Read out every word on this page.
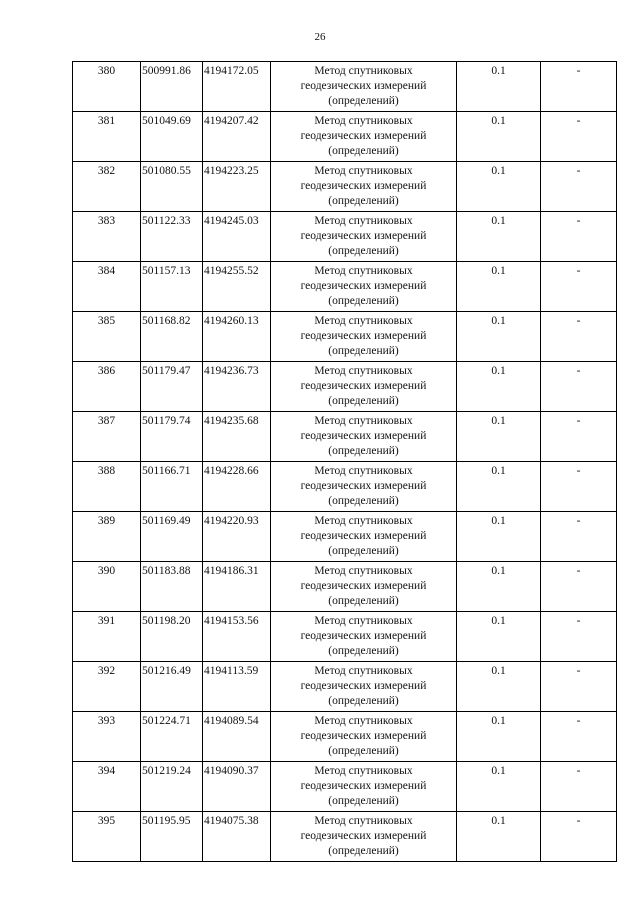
26
380	500991.86	4194172.05	Метод спутниковых
геодезических измерений
(определений)	0.1	-
381	501049.69	4194207.42	Метод спутниковых
геодезических измерений
(определений)	0.1	-
382	501080.55	4194223.25	Метод спутниковых
геодезических измерений
(определений)	0.1	-
383	501122.33	4194245.03	Метод спутниковых
геодезических измерений
(определений)	0.1	-
384	501157.13	4194255.52	Метод спутниковых
геодезических измерений
(определений)	0.1	-
385	501168.82	4194260.13	Метод спутниковых
геодезических измерений
(определений)	0.1	-
386	501179.47	4194236.73	Метод спутниковых
геодезических измерений
(определений)	0.1	-
387	501179.74	4194235.68	Метод спутниковых
геодезических измерений
(определений)	0.1	-
388	501166.71	4194228.66	Метод спутниковых
геодезических измерений
(определений)	0.1	-
389	501169.49	4194220.93	Метод спутниковых
геодезических измерений
(определений)	0.1	-
390	501183.88	4194186.31	Метод спутниковых
геодезических измерений
(определений)	0.1	-
391	501198.20	4194153.56	Метод спутниковых
геодезических измерений
(определений)	0.1	-
392	501216.49	4194113.59	Метод спутниковых
геодезических измерений
(определений)	0.1	-
393	501224.71	4194089.54	Метод спутниковых
геодезических измерений
(определений)	0.1	-
394	501219.24	4194090.37	Метод спутниковых
геодезических измерений
(определений)	0.1	-
395	501195.95	4194075.38	Метод спутниковых
геодезических измерений
(определений)	0.1	-
